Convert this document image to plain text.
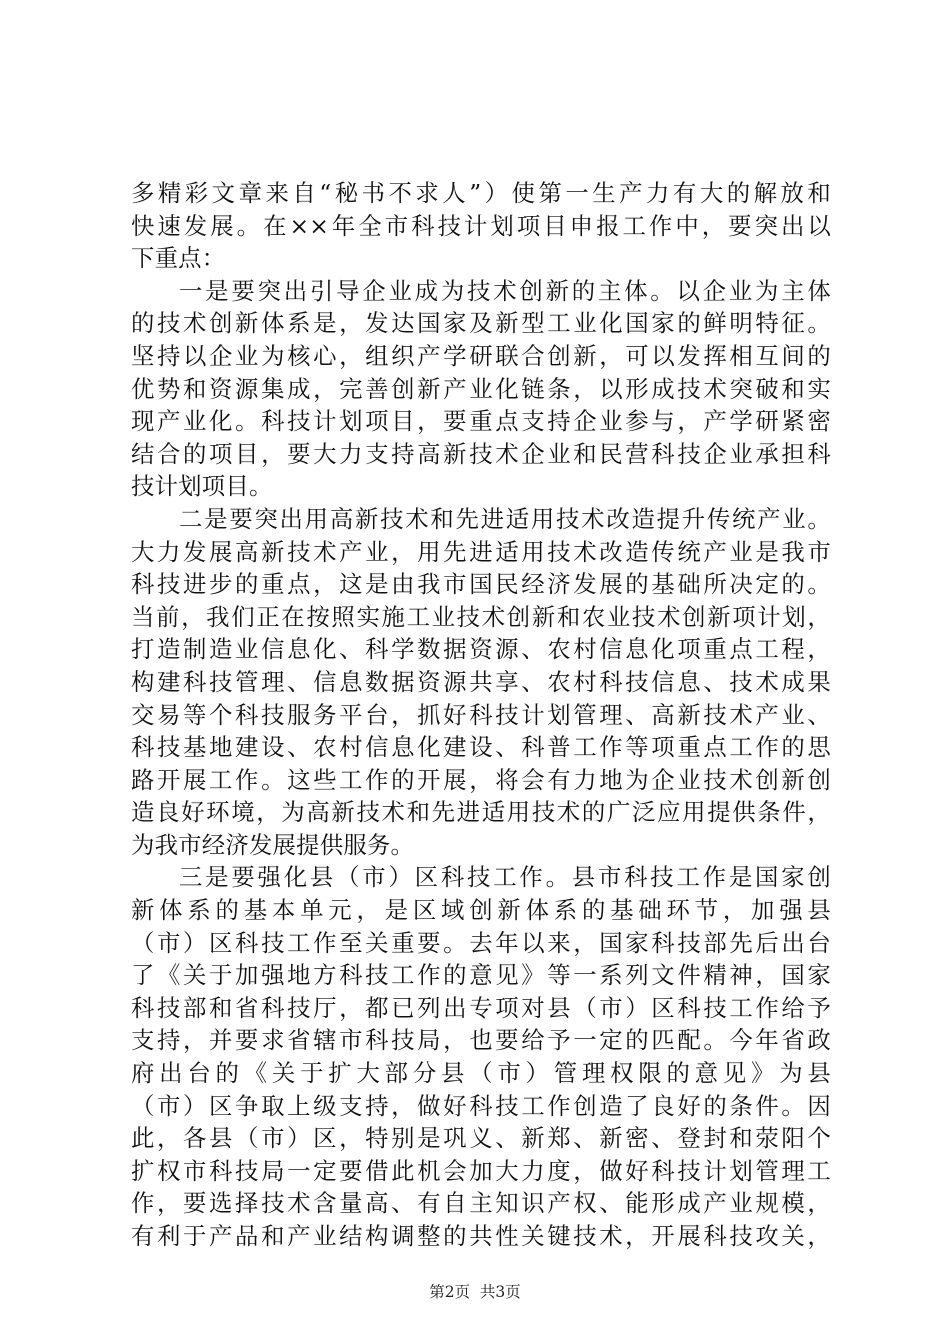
多精彩文章来自“秘书不求人”）使第一生产力有大的解放和
快速发展。在××年全市科技计划项目申报工作中，要突出以
下重点：
一是要突出引导企业成为技术创新的主体。以企业为主体
的技术创新体系是，发达国家及新型工业化国家的鲜明特征。
坚持以企业为核心，组织产学研联合创新，可以发挥相互间的
优势和资源集成，完善创新产业化链条，以形成技术突破和实
现产业化。科技计划项目，要重点支持企业参与，产学研紧密
结合的项目，要大力支持高新技术企业和民营科技企业承担科
技计划项目。
二是要突出用高新技术和先进适用技术改造提升传统产业。
大力发展高新技术产业，用先进适用技术改造传统产业是我市
科技进步的重点，这是由我市国民经济发展的基础所决定的。
当前，我们正在按照实施工业技术创新和农业技术创新项计划，
打造制造业信息化、科学数据资源、农村信息化项重点工程，
构建科技管理、信息数据资源共享、农村科技信息、技术成果
交易等个科技服务平台，抓好科技计划管理、高新技术产业、
科技基地建设、农村信息化建设、科普工作等项重点工作的思
路开展工作。这些工作的开展，将会有力地为企业技术创新创
造良好环境，为高新技术和先进适用技术的广泛应用提供条件，
为我市经济发展提供服务。
三是要强化县（市）区科技工作。县市科技工作是国家创
新体系的基本单元，是区域创新体系的基础环节，加强县
（市）区科技工作至关重要。去年以来，国家科技部先后出台
了《关于加强地方科技工作的意见》等一系列文件精神，国家
科技部和省科技厅，都已列出专项对县（市）区科技工作给予
支持，并要求省辖市科技局，也要给予一定的匹配。今年省政
府出台的《关于扩大部分县（市）管理权限的意见》为县
（市）区争取上级支持，做好科技工作创造了良好的条件。因
此，各县（市）区，特别是巩义、新郑、新密、登封和荥阳个
扩权市科技局一定要借此机会加大力度，做好科技计划管理工
作，要选择技术含量高、有自主知识产权、能形成产业规模，
有利于产品和产业结构调整的共性关键技术，开展科技攻关，
第2页  共3页
